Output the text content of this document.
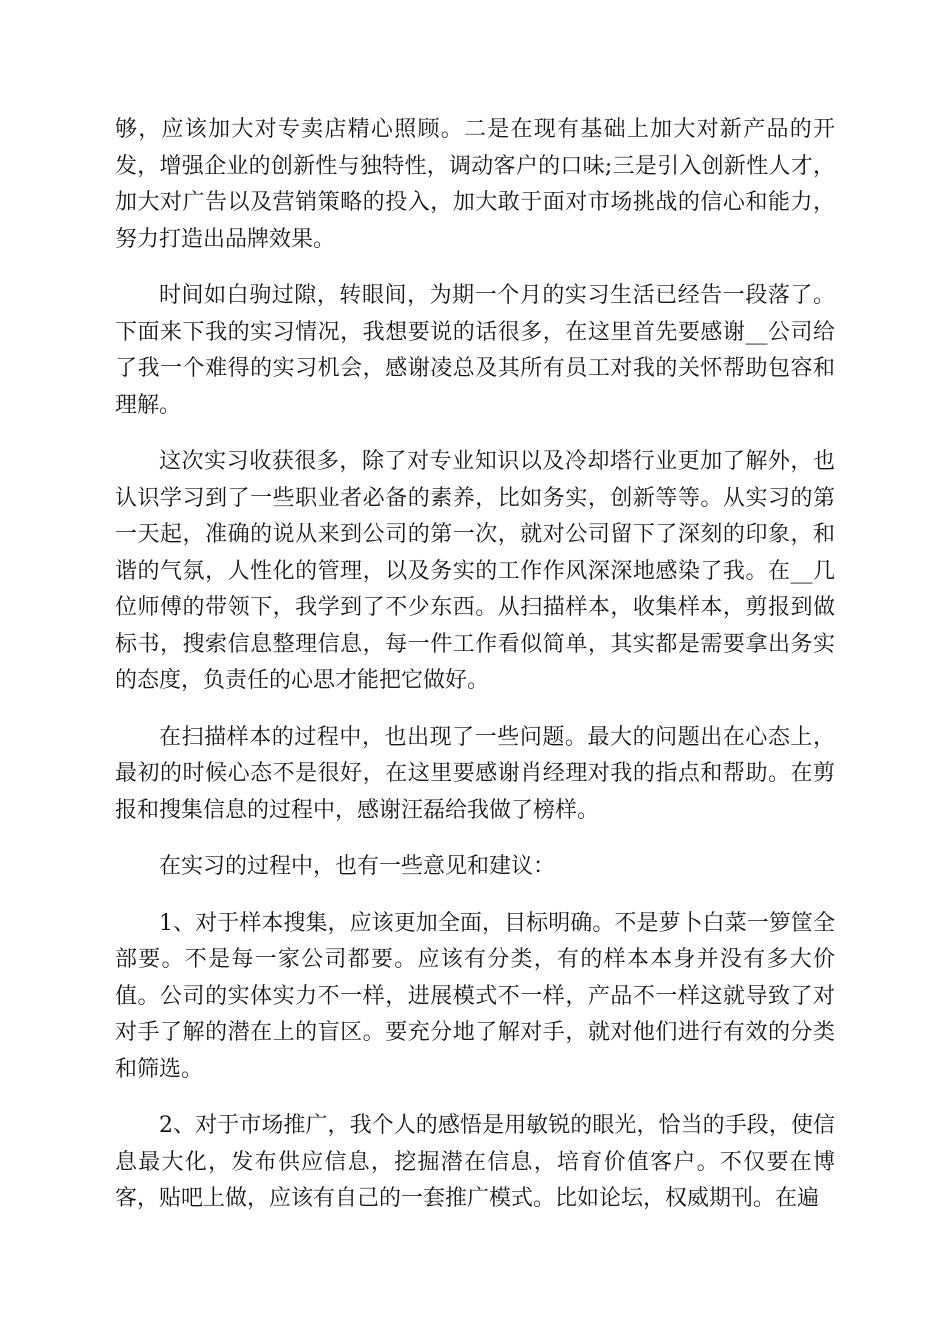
够，应该加大对专卖店精心照顾。二是在现有基础上加大对新产品的开发，增强企业的创新性与独特性，调动客户的口味;三是引入创新性人才，加大对广告以及营销策略的投入，加大敢于面对市场挑战的信心和能力，努力打造出品牌效果。

时间如白驹过隙，转眼间，为期一个月的实习生活已经告一段落了。下面来下我的实习情况，我想要说的话很多，在这里首先要感谢__公司给了我一个难得的实习机会，感谢凌总及其所有员工对我的关怀帮助包容和理解。

这次实习收获很多，除了对专业知识以及冷却塔行业更加了解外，也认识学习到了一些职业者必备的素养，比如务实，创新等等。从实习的第一天起，准确的说从来到公司的第一次，就对公司留下了深刻的印象，和谐的气氛，人性化的管理，以及务实的工作作风深深地感染了我。在__几位师傅的带领下，我学到了不少东西。从扫描样本，收集样本，剪报到做标书，搜索信息整理信息，每一件工作看似简单，其实都是需要拿出务实的态度，负责任的心思才能把它做好。

在扫描样本的过程中，也出现了一些问题。最大的问题出在心态上，最初的时候心态不是很好，在这里要感谢肖经理对我的指点和帮助。在剪报和搜集信息的过程中，感谢汪磊给我做了榜样。

在实习的过程中，也有一些意见和建议：

1、对于样本搜集，应该更加全面，目标明确。不是萝卜白菜一箩筐全部要。不是每一家公司都要。应该有分类，有的样本本身并没有多大价值。公司的实体实力不一样，进展模式不一样，产品不一样这就导致了对对手了解的潜在上的盲区。要充分地了解对手，就对他们进行有效的分类和筛选。

2、对于市场推广，我个人的感悟是用敏锐的眼光，恰当的手段，使信息最大化，发布供应信息，挖掘潜在信息，培育价值客户。不仅要在博客，贴吧上做，应该有自己的一套推广模式。比如论坛，权威期刊。在遍
